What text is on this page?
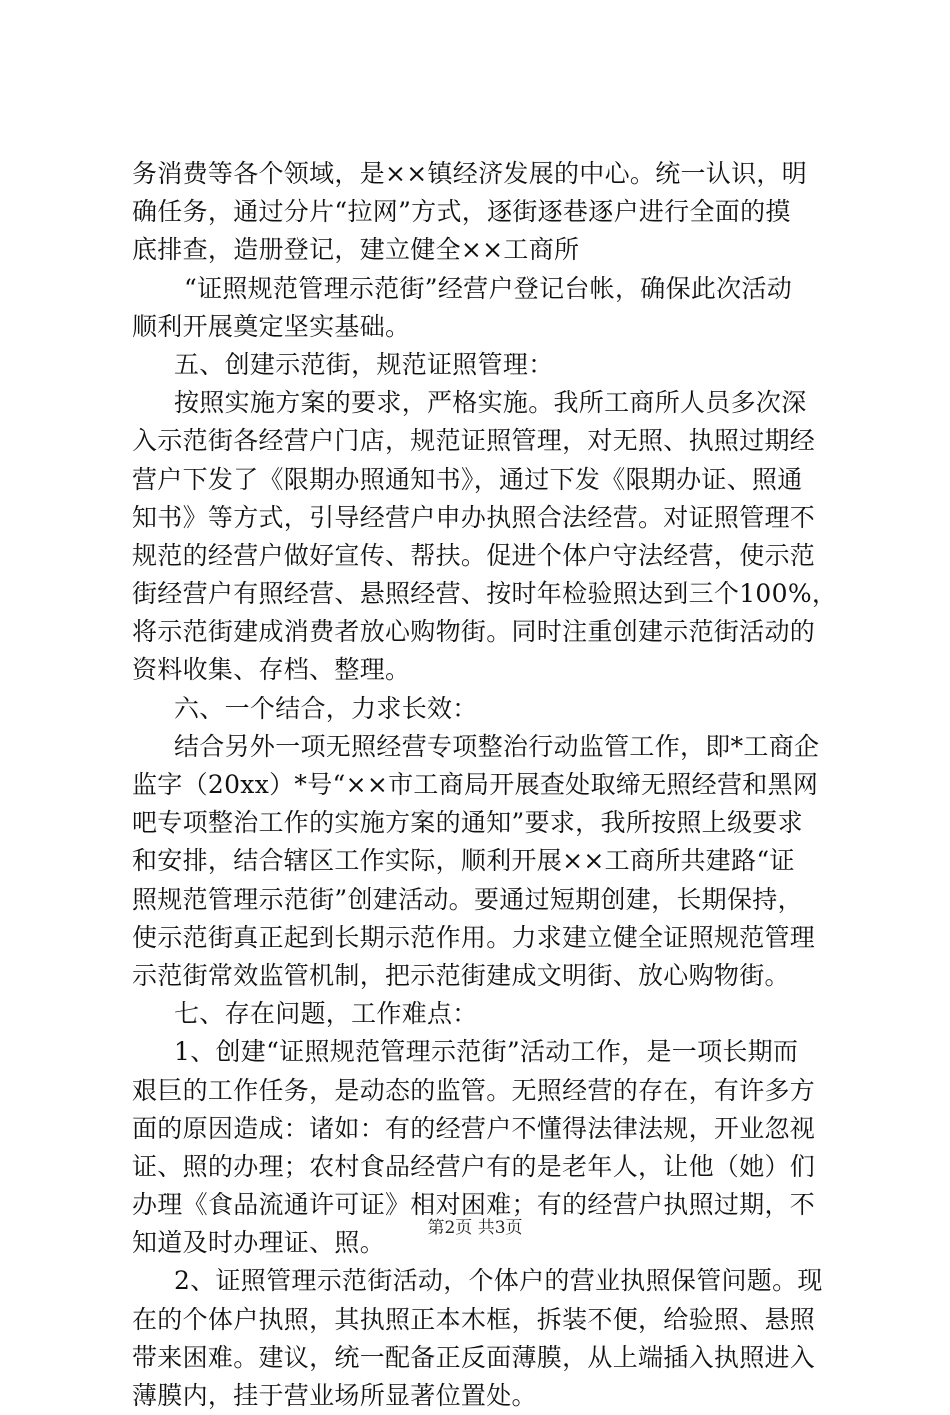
务消费等各个领域，是××镇经济发展的中心。统一认识，明
确任务，通过分片“拉网”方式，逐街逐巷逐户进行全面的摸
底排查，造册登记，建立健全××工商所
“证照规范管理示范街”经营户登记台帐，确保此次活动
顺利开展奠定坚实基础。
五、创建示范街，规范证照管理：
按照实施方案的要求，严格实施。我所工商所人员多次深
入示范街各经营户门店，规范证照管理，对无照、执照过期经
营户下发了《限期办照通知书》，通过下发《限期办证、照通
知书》等方式，引导经营户申办执照合法经营。对证照管理不
规范的经营户做好宣传、帮扶。促进个体户守法经营，使示范
街经营户有照经营、悬照经营、按时年检验照达到三个100%，
将示范街建成消费者放心购物街。同时注重创建示范街活动的
资料收集、存档、整理。
六、一个结合，力求长效：
结合另外一项无照经营专项整治行动监管工作，即*工商企
监字（20xx）*号“××市工商局开展查处取缔无照经营和黑网
吧专项整治工作的实施方案的通知”要求，我所按照上级要求
和安排，结合辖区工作实际，顺利开展××工商所共建路“证
照规范管理示范街”创建活动。要通过短期创建，长期保持，
使示范街真正起到长期示范作用。力求建立健全证照规范管理
示范街常效监管机制，把示范街建成文明街、放心购物街。
七、存在问题，工作难点：
1、创建“证照规范管理示范街”活动工作，是一项长期而
艰巨的工作任务，是动态的监管。无照经营的存在，有许多方
面的原因造成：诸如：有的经营户不懂得法律法规，开业忽视
证、照的办理；农村食品经营户有的是老年人，让他（她）们
办理《食品流通许可证》相对困难；有的经营户执照过期，不
知道及时办理证、照。
2、证照管理示范街活动，个体户的营业执照保管问题。现
在的个体户执照，其执照正本木框，拆装不便，给验照、悬照
带来困难。建议，统一配备正反面薄膜，从上端插入执照进入
薄膜内，挂于营业场所显著位置处。
第2页 共3页
